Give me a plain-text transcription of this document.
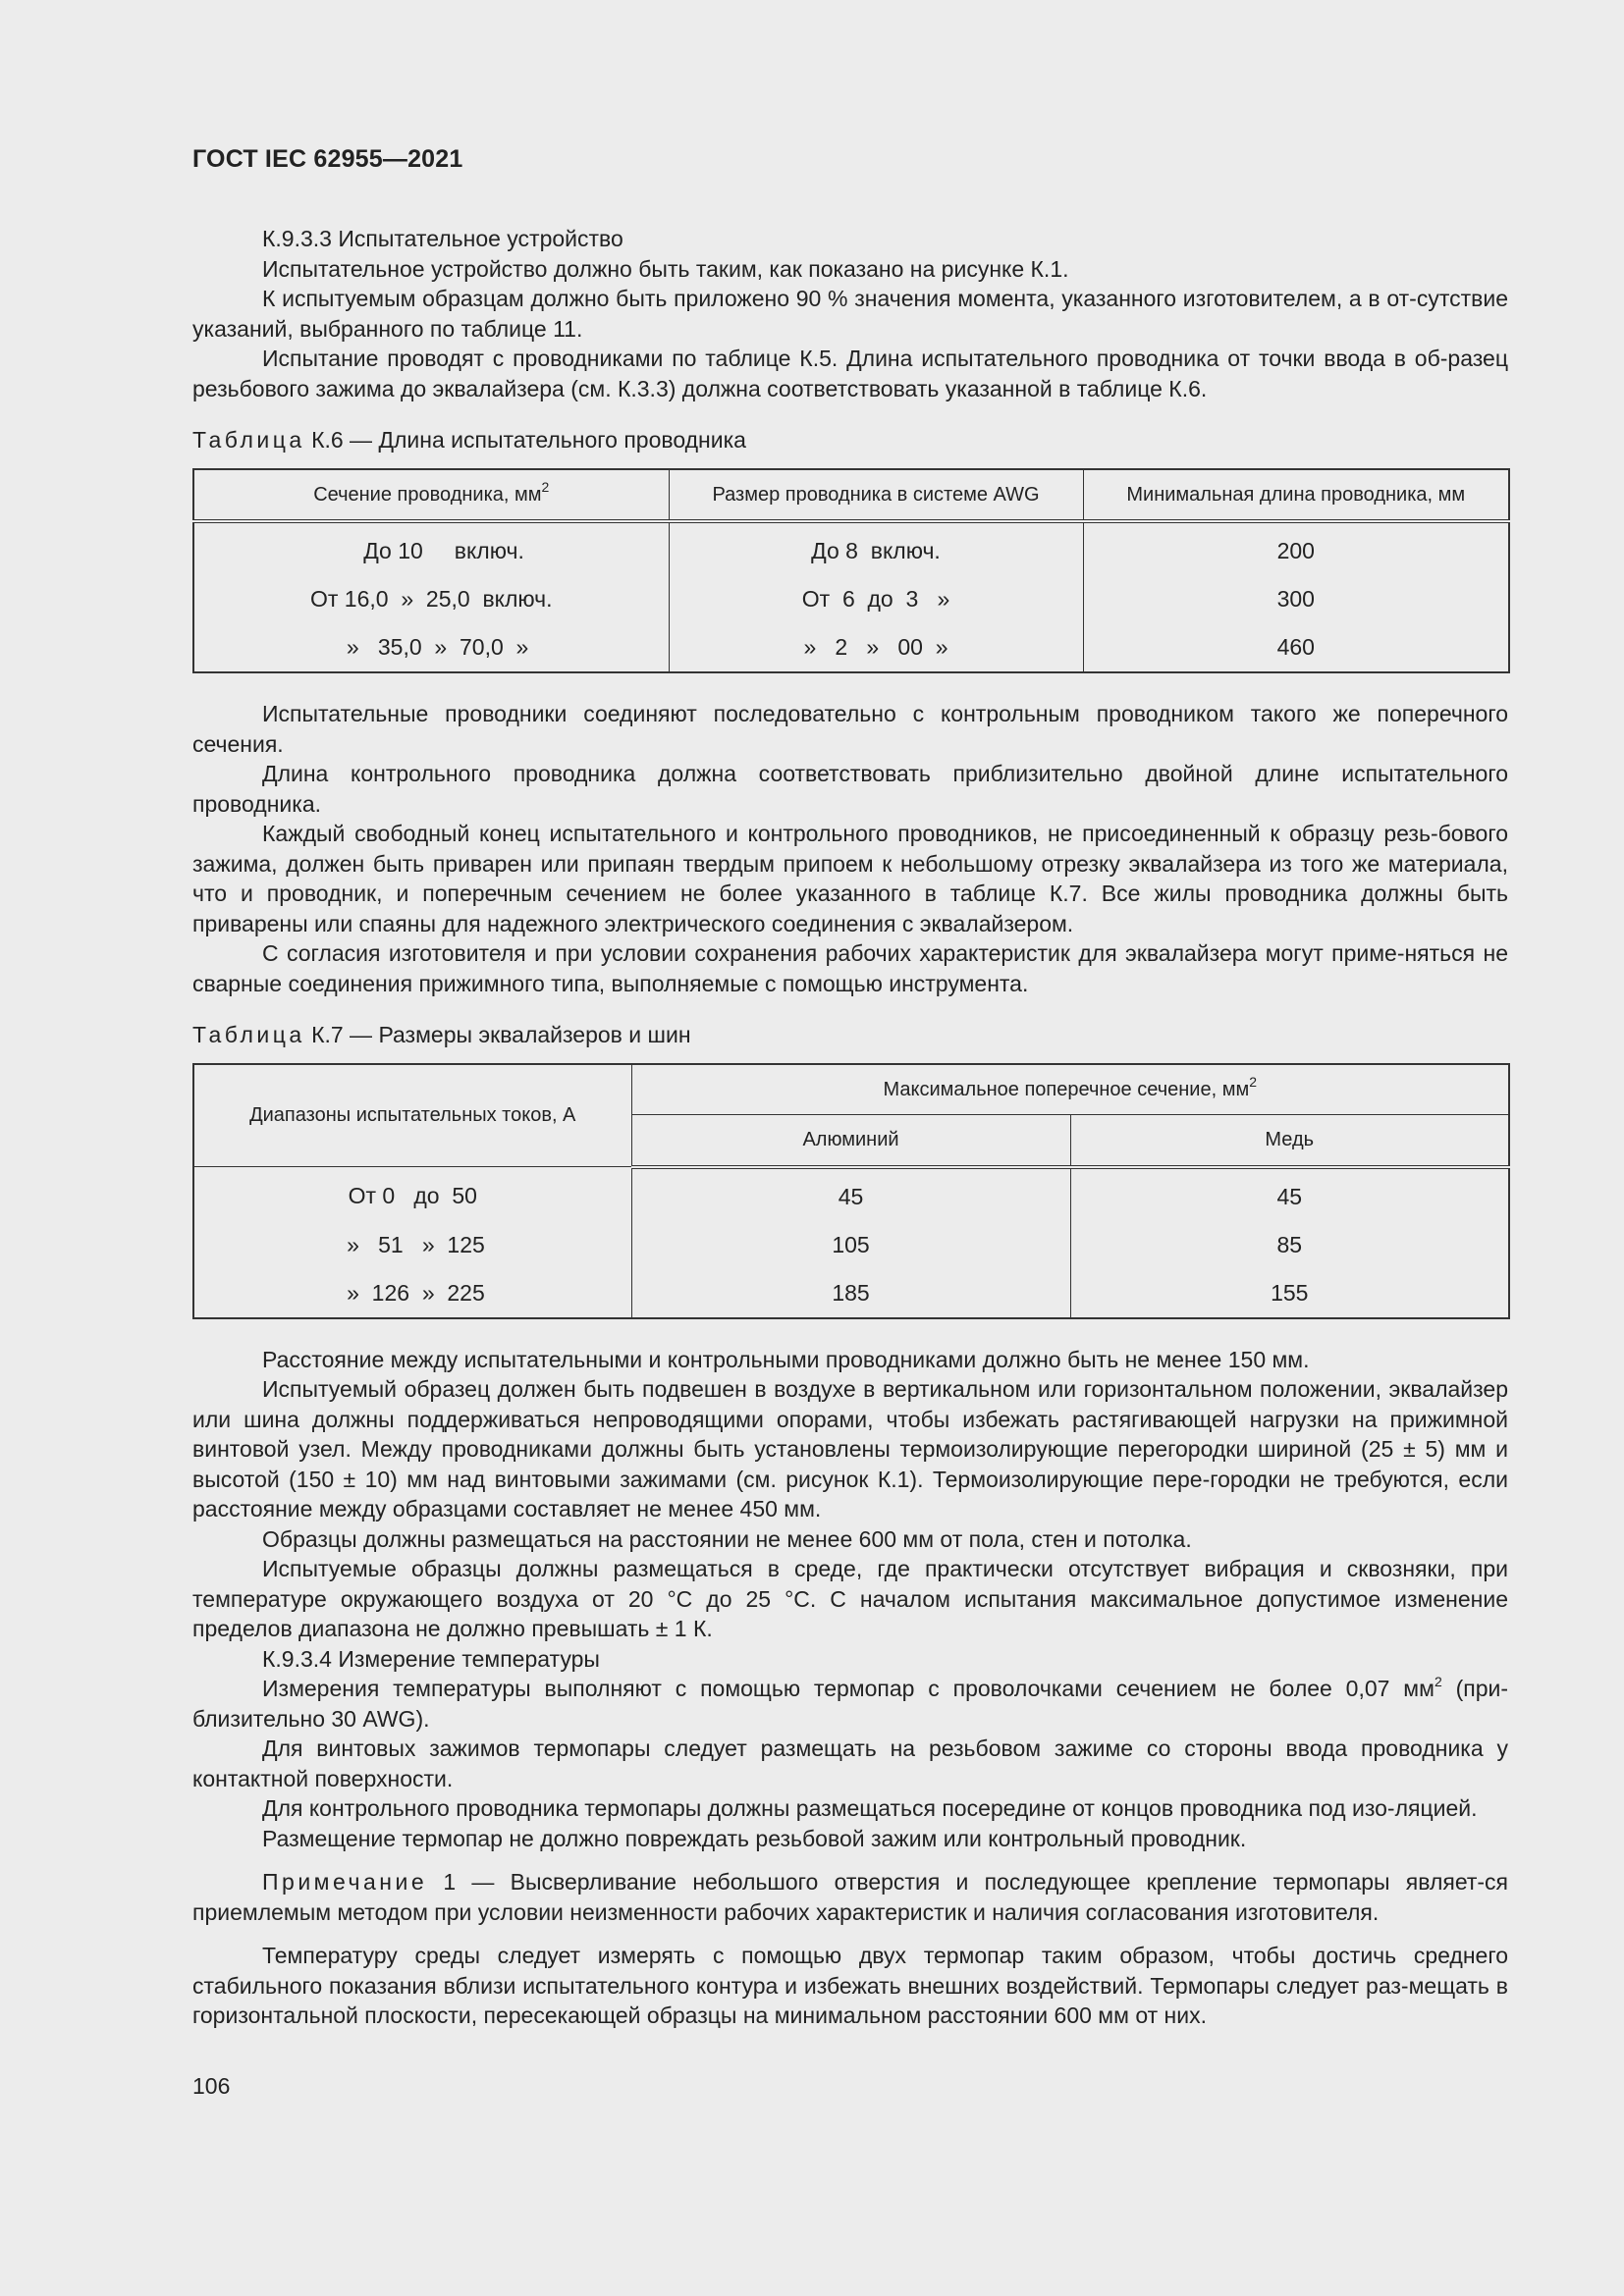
ГОСТ IEC 62955—2021

К.9.3.3 Испытательное устройство

Испытательное устройство должно быть таким, как показано на рисунке К.1.

К испытуемым образцам должно быть приложено 90 % значения момента, указанного изготовителем, а в от-сутствие указаний, выбранного по таблице 11.

Испытание проводят с проводниками по таблице К.5. Длина испытательного проводника от точки ввода в об-разец резьбового зажима до эквалайзера (см. К.3.3) должна соответствовать указанной в таблице К.6.

Таблица К.6 — Длина испытательного проводника

Сечение проводника, $мм^2$	Размер проводника в системе AWG	Минимальная длина проводника, мм
До 10     включ.	До 8  включ.	200
От 16,0  »  25,0  включ.	От  6  до  3   »	300
»   35,0  »  70,0  »	»   2   »   00  »	460

Испытательные проводники соединяют последовательно с контрольным проводником такого же поперечного сечения.

Длина контрольного проводника должна соответствовать приблизительно двойной длине испытательного проводника.

Каждый свободный конец испытательного и контрольного проводников, не присоединенный к образцу резь-бового зажима, должен быть приварен или припаян твердым припоем к небольшому отрезку эквалайзера из того же материала, что и проводник, и поперечным сечением не более указанного в таблице К.7. Все жилы проводника должны быть приварены или спаяны для надежного электрического соединения с эквалайзером.

С согласия изготовителя и при условии сохранения рабочих характеристик для эквалайзера могут приме-няться не сварные соединения прижимного типа, выполняемые с помощью инструмента.

Таблица К.7 — Размеры эквалайзеров и шин

Диапазоны испытательных токов, А	Максимальное поперечное сечение, $мм^2$
	Алюминий	Медь
От 0   до  50	45	45
»   51   »  125	105	85
»  126  »  225	185	155

Расстояние между испытательными и контрольными проводниками должно быть не менее 150 мм.

Испытуемый образец должен быть подвешен в воздухе в вертикальном или горизонтальном положении, эквалайзер или шина должны поддерживаться непроводящими опорами, чтобы избежать растягивающей нагрузки на прижимной винтовой узел. Между проводниками должны быть установлены термоизолирующие перегородки шириной (25 ± 5) мм и высотой (150 ± 10) мм над винтовыми зажимами (см. рисунок К.1). Термоизолирующие пере-городки не требуются, если расстояние между образцами составляет не менее 450 мм.

Образцы должны размещаться на расстоянии не менее 600 мм от пола, стен и потолка.

Испытуемые образцы должны размещаться в среде, где практически отсутствует вибрация и сквозняки, при температуре окружающего воздуха от 20 °С до 25 °С. С началом испытания максимальное допустимое изменение пределов диапазона не должно превышать ± 1 К.

К.9.3.4 Измерение температуры

Измерения температуры выполняют с помощью термопар с проволочками сечением не более 0,07 $мм^2$ (при-близительно 30 AWG).

Для винтовых зажимов термопары следует размещать на резьбовом зажиме со стороны ввода проводника у контактной поверхности.

Для контрольного проводника термопары должны размещаться посередине от концов проводника под изо-ляцией.

Размещение термопар не должно повреждать резьбовой зажим или контрольный проводник.

Примечание 1 — Высверливание небольшого отверстия и последующее крепление термопары являет-ся приемлемым методом при условии неизменности рабочих характеристик и наличия согласования изготовителя.

Температуру среды следует измерять с помощью двух термопар таким образом, чтобы достичь среднего стабильного показания вблизи испытательного контура и избежать внешних воздействий. Термопары следует раз-мещать в горизонтальной плоскости, пересекающей образцы на минимальном расстоянии 600 мм от них.

106
